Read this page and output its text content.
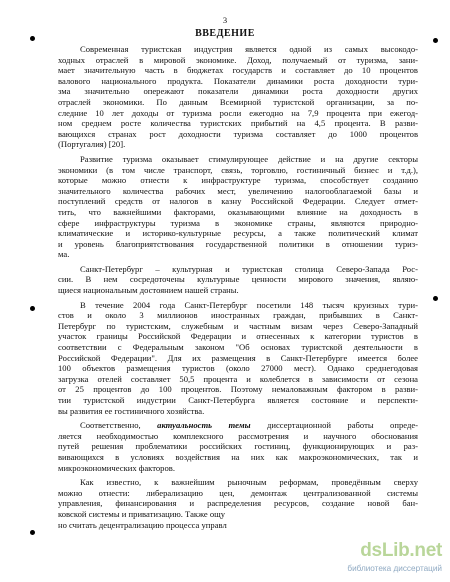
3
ВВЕДЕНИЕ
Современная туристская индустрия является одной из самых высокодо-
ходных отраслей в мировой экономике. Доход, получаемый от туризма, зани-
мает значительную часть в бюджетах государств и составляет до 10 процентов
валового национального продукта. Показатели динамики роста доходности тури-
зма значительно опережают показатели динамики роста доходности других
отраслей экономики. По данным Всемирной туристской организации, за по-
следние 10 лет доходы от туризма росли ежегодно на 7,9 процента при ежегод-
ном среднем росте количества туристских прибытий на 4,5 процента. В разви-
вающихся странах рост доходности туризма составляет до 1000 процентов
(Португалия) [20].
Развитие туризма оказывает стимулирующее действие и на другие секторы
экономики (в том числе транспорт, связь, торговлю, гостиничный бизнес и т.д.),
которые можно отнести к инфраструктуре туризма, способствует созданию
значительного количества рабочих мест, увеличению налогооблагаемой базы и
поступлений средств от налогов в казну Российской Федерации. Следует отмет-
тить, что важнейшими факторами, оказывающими влияние на доходность в
сфере инфраструктуры туризма в экономике страны, являются природно-
климатические и историко-культурные ресурсы, а также политический климат
и уровень благоприятствования государственной политики в отношении туриз-
ма.
Санкт-Петербург – культурная и туристская столица Северо-Запада Рос-
сии. В нем сосредоточены культурные ценности мирового значения, являю-
щиеся национальным достоянием нашей страны.
В течение 2004 года Санкт-Петербург посетили 148 тысяч круизных тури-
стов и около 3 миллионов иностранных граждан, прибывших в Санкт-
Петербург по туристским, служебным и частным визам через Северо-Западный
участок границы Российской Федерации и отнесенных к категории туристов в
соответствии с Федеральным законом "Об основах туристской деятельности в
Российской Федерации". Для их размещения в Санкт-Петербурге имеется более
100 объектов размещения туристов (около 27000 мест). Однако среднегодовая
загрузка отелей составляет 50,5 процента и колеблется в зависимости от сезона
от 25 процентов до 100 процентов. Поэтому немаловажным фактором в разви-
тии туристской индустрии Санкт-Петербурга является состояние и перспекти-
вы развития ее гостиничного хозяйства.
Соответственно, актуальность темы диссертационной работы опреде-
ляется необходимостью комплексного рассмотрения и научного обоснования
путей решения проблематики российских гостиниц, функционирующих и раз-
вивающихся в условиях воздействия на них как макроэкономических, так и
микроэкономических факторов.
Как известно, к важнейшим рыночным реформам, проведённым сверху
можно отнести: либерализацию цен, демонтаж централизованной системы
управления, финансирования и распределения ресурсов, создание новой бан-
ковской системы и приватизацию. Также ощу
но считать децентрализацию процесса управл
dsLib.net
библиотека диссертаций
